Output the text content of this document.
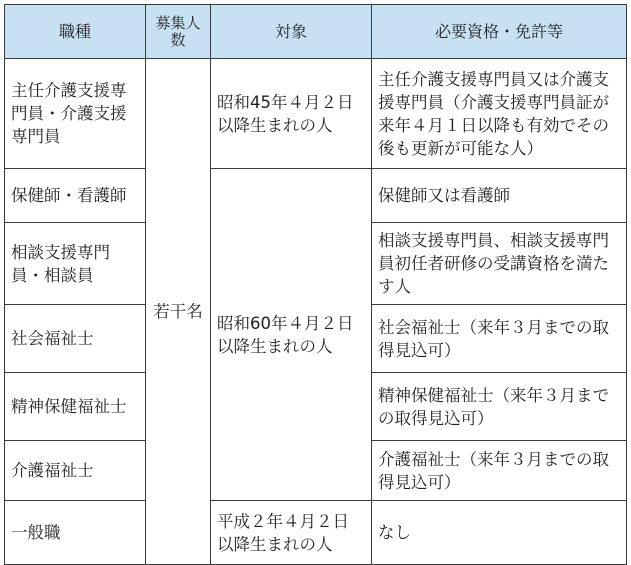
職種	募集人数	対象	必要資格・免許等
主任介護支援専門員・介護支援専門員	若干名	昭和45年４月２日以降生まれの人	主任介護支援専門員又は介護支援専門員（介護支援専門員証が来年４月１日以降も有効でその後も更新が可能な人）
保健師・看護師		昭和60年４月２日以降生まれの人	保健師又は看護師
相談支援専門員・相談員			相談支援専門員、相談支援専門員初任者研修の受講資格を満たす人
社会福祉士			社会福祉士（来年３月までの取得見込可）
精神保健福祉士			精神保健福祉士（来年３月までの取得見込可）
介護福祉士			介護福祉士（来年３月までの取得見込可）
一般職		平成２年４月２日以降生まれの人	なし
